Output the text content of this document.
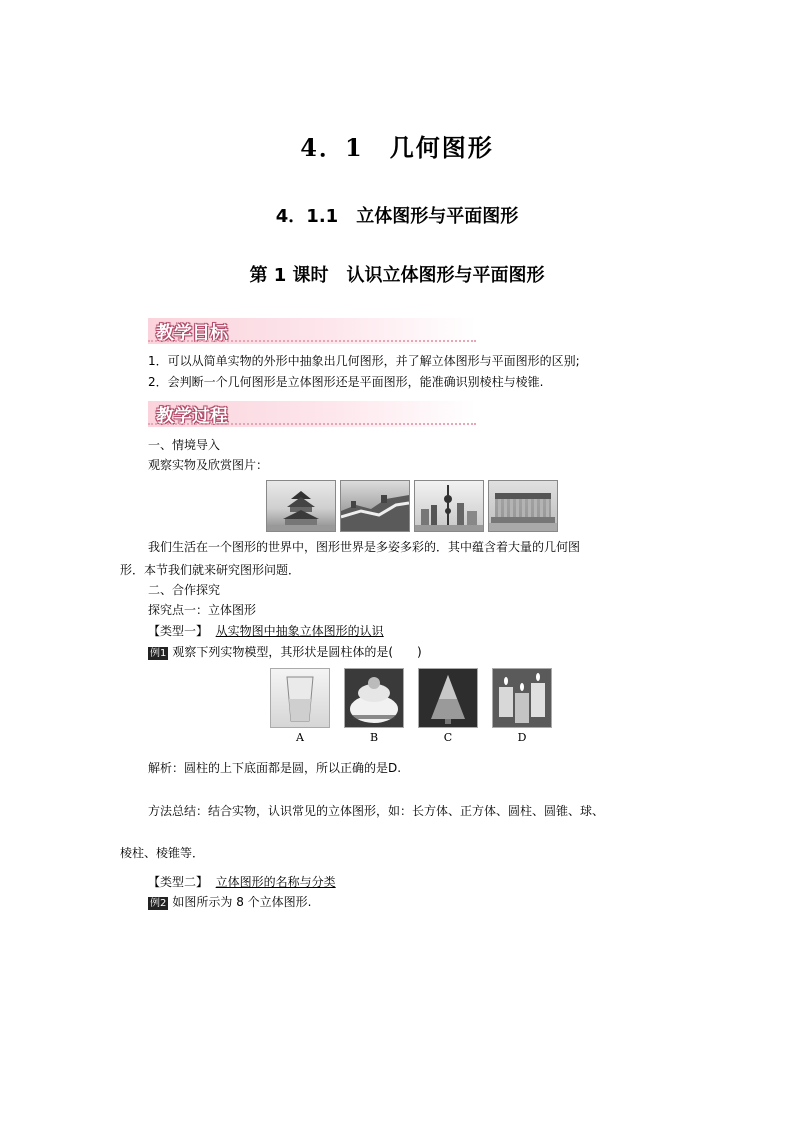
4．1　几何图形
4．1.1　立体图形与平面图形
第 1 课时　认识立体图形与平面图形
教学目标
1．可以从简单实物的外形中抽象出几何图形，并了解立体图形与平面图形的区别;
2．会判断一个几何图形是立体图形还是平面图形，能准确识别棱柱与棱锥.
教学过程
一、情境导入
观察实物及欣赏图片：
我们生活在一个图形的世界中，图形世界是多姿多彩的．其中蕴含着大量的几何图
形．本节我们就来研究图形问题．
二、合作探究
探究点一：立体图形
【类型一】 从实物图中抽象立体图形的认识
例1 观察下列实物模型，其形状是圆柱体的是(　　)
A	B	C	D
解析：圆柱的上下底面都是圆，所以正确的是D.
方法总结：结合实物，认识常见的立体图形，如：长方体、正方体、圆柱、圆锥、球、
棱柱、棱锥等．
【类型二】 立体图形的名称与分类
例2 如图所示为 8 个立体图形.
